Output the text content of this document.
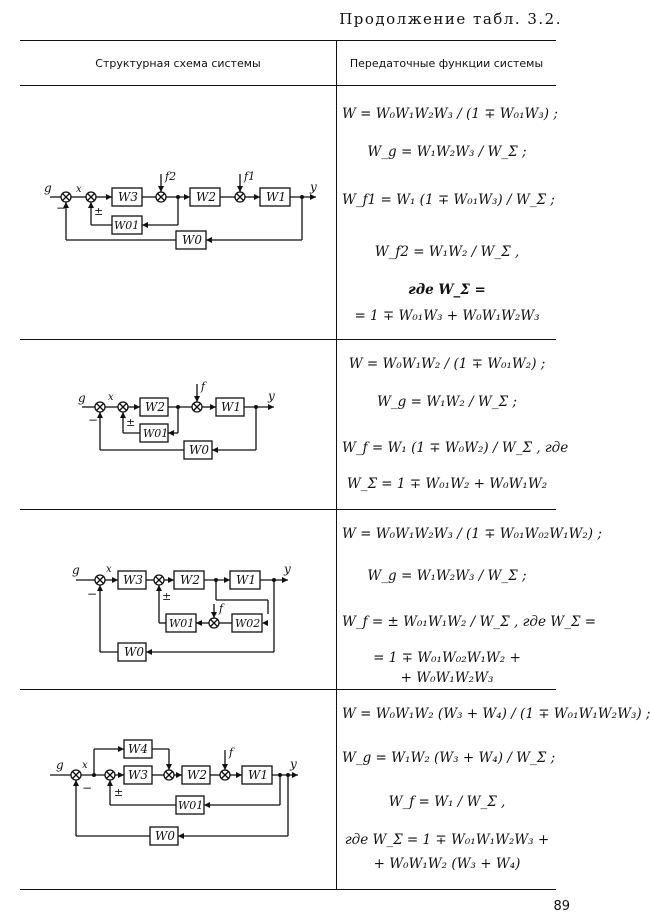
Продолжение табл. 3.2.
Структурная схема системы	Передаточные функции системы
g x	y
W3	W2	W1
W01
W0
f2	f1
−	±
W = W₀W₁W₂W₃ / (1 ∓ W₀₁W₃) ;
W_g = W₁W₂W₃ / W_Σ ;
W_f1 = W₁ (1 ∓ W₀₁W₃) / W_Σ ;
W_f2 = W₁W₂ / W_Σ ,
где W_Σ =
= 1 ∓ W₀₁W₃ + W₀W₁W₂W₃
g x	y
W2	W1
W01
W0
f
−	±
W = W₀W₁W₂ / (1 ∓ W₀₁W₂) ;
W_g = W₁W₂ / W_Σ ;
W_f = W₁ (1 ∓ W₀W₂) / W_Σ , где
W_Σ = 1 ∓ W₀₁W₂ + W₀W₁W₂
g	x	y
W3	W2	W1
W01	W02
W0
f
−	±
W = W₀W₁W₂W₃ / (1 ∓ W₀₁W₀₂W₁W₂) ;
W_g = W₁W₂W₃ / W_Σ ;
W_f = ± W₀₁W₁W₂ / W_Σ , где W_Σ =
= 1 ∓ W₀₁W₀₂W₁W₂ +
+ W₀W₁W₂W₃
g x	y
W4
W3	W2	W1
W01
W0
f
− ±
W = W₀W₁W₂ (W₃ + W₄) / (1 ∓ W₀₁W₁W₂W₃) ;
W_g = W₁W₂ (W₃ + W₄) / W_Σ ;
W_f = W₁ / W_Σ ,
где W_Σ = 1 ∓ W₀₁W₁W₂W₃ +
+ W₀W₁W₂ (W₃ + W₄)
89
